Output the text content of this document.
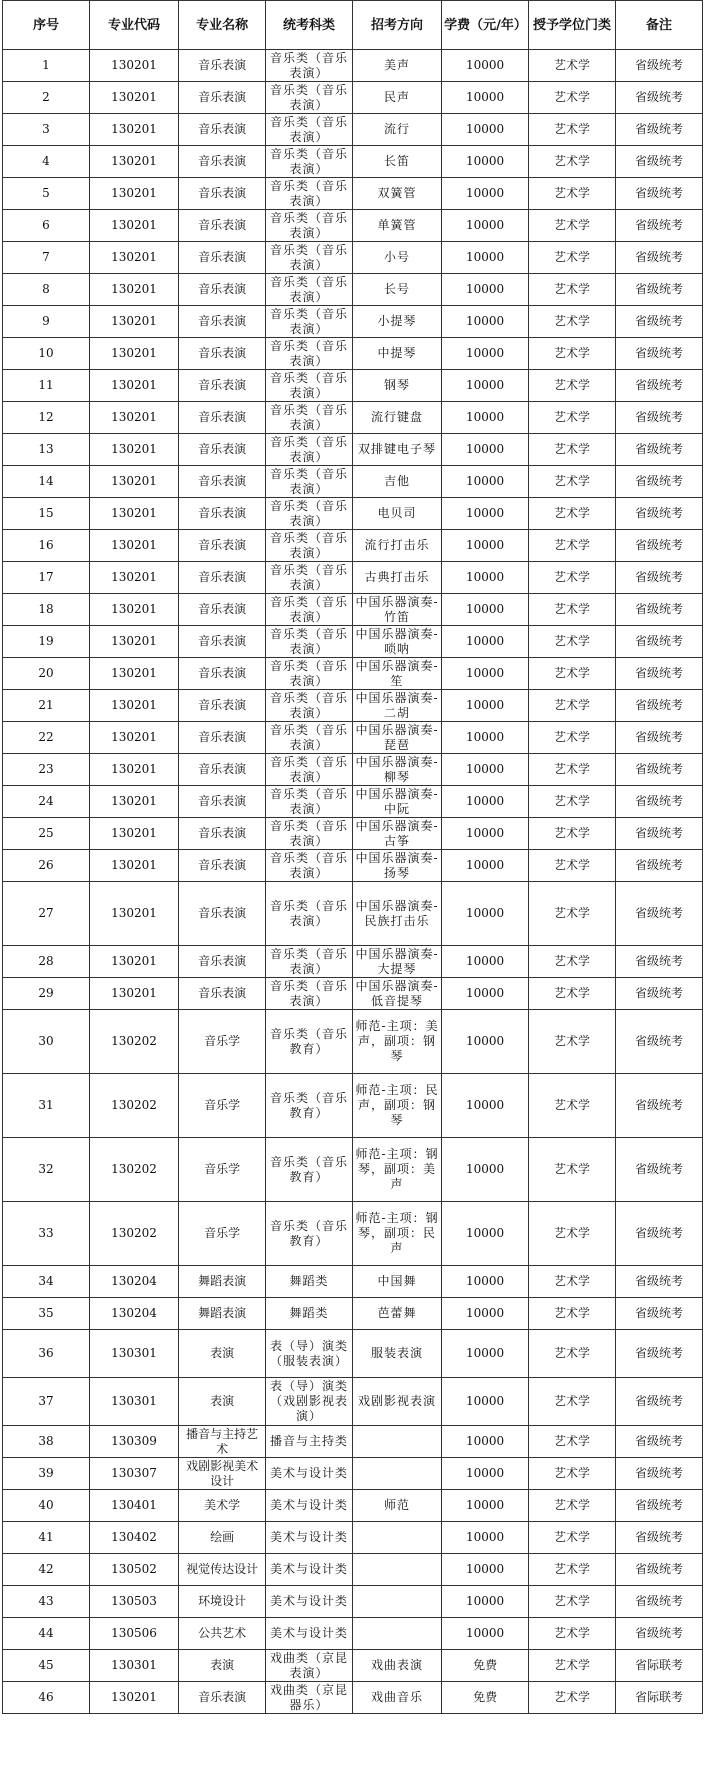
序号	专业代码	专业名称	统考科类	招考方向	学费（元/年）	授予学位门类	备注
1	130201	音乐表演	音乐类（音乐表演）	美声	10000	艺术学	省级统考
2	130201	音乐表演	音乐类（音乐表演）	民声	10000	艺术学	省级统考
3	130201	音乐表演	音乐类（音乐表演）	流行	10000	艺术学	省级统考
4	130201	音乐表演	音乐类（音乐表演）	长笛	10000	艺术学	省级统考
5	130201	音乐表演	音乐类（音乐表演）	双簧管	10000	艺术学	省级统考
6	130201	音乐表演	音乐类（音乐表演）	单簧管	10000	艺术学	省级统考
7	130201	音乐表演	音乐类（音乐表演）	小号	10000	艺术学	省级统考
8	130201	音乐表演	音乐类（音乐表演）	长号	10000	艺术学	省级统考
9	130201	音乐表演	音乐类（音乐表演）	小提琴	10000	艺术学	省级统考
10	130201	音乐表演	音乐类（音乐表演）	中提琴	10000	艺术学	省级统考
11	130201	音乐表演	音乐类（音乐表演）	钢琴	10000	艺术学	省级统考
12	130201	音乐表演	音乐类（音乐表演）	流行键盘	10000	艺术学	省级统考
13	130201	音乐表演	音乐类（音乐表演）	双排键电子琴	10000	艺术学	省级统考
14	130201	音乐表演	音乐类（音乐表演）	吉他	10000	艺术学	省级统考
15	130201	音乐表演	音乐类（音乐表演）	电贝司	10000	艺术学	省级统考
16	130201	音乐表演	音乐类（音乐表演）	流行打击乐	10000	艺术学	省级统考
17	130201	音乐表演	音乐类（音乐表演）	古典打击乐	10000	艺术学	省级统考
18	130201	音乐表演	音乐类（音乐表演）	中国乐器演奏-竹笛	10000	艺术学	省级统考
19	130201	音乐表演	音乐类（音乐表演）	中国乐器演奏-唢呐	10000	艺术学	省级统考
20	130201	音乐表演	音乐类（音乐表演）	中国乐器演奏-笙	10000	艺术学	省级统考
21	130201	音乐表演	音乐类（音乐表演）	中国乐器演奏-二胡	10000	艺术学	省级统考
22	130201	音乐表演	音乐类（音乐表演）	中国乐器演奏-琵琶	10000	艺术学	省级统考
23	130201	音乐表演	音乐类（音乐表演）	中国乐器演奏-柳琴	10000	艺术学	省级统考
24	130201	音乐表演	音乐类（音乐表演）	中国乐器演奏-中阮	10000	艺术学	省级统考
25	130201	音乐表演	音乐类（音乐表演）	中国乐器演奏-古筝	10000	艺术学	省级统考
26	130201	音乐表演	音乐类（音乐表演）	中国乐器演奏-扬琴	10000	艺术学	省级统考
27	130201	音乐表演	音乐类（音乐表演）	中国乐器演奏-民族打击乐	10000	艺术学	省级统考
28	130201	音乐表演	音乐类（音乐表演）	中国乐器演奏-大提琴	10000	艺术学	省级统考
29	130201	音乐表演	音乐类（音乐表演）	中国乐器演奏-低音提琴	10000	艺术学	省级统考
30	130202	音乐学	音乐类（音乐教育）	师范-主项：美声，副项：钢琴	10000	艺术学	省级统考
31	130202	音乐学	音乐类（音乐教育）	师范-主项：民声，副项：钢琴	10000	艺术学	省级统考
32	130202	音乐学	音乐类（音乐教育）	师范-主项：钢琴，副项：美声	10000	艺术学	省级统考
33	130202	音乐学	音乐类（音乐教育）	师范-主项：钢琴，副项：民声	10000	艺术学	省级统考
34	130204	舞蹈表演	舞蹈类	中国舞	10000	艺术学	省级统考
35	130204	舞蹈表演	舞蹈类	芭蕾舞	10000	艺术学	省级统考
36	130301	表演	表（导）演类（服装表演）	服装表演	10000	艺术学	省级统考
37	130301	表演	表（导）演类（戏剧影视表演）	戏剧影视表演	10000	艺术学	省级统考
38	130309	播音与主持艺术	播音与主持类		10000	艺术学	省级统考
39	130307	戏剧影视美术设计	美术与设计类		10000	艺术学	省级统考
40	130401	美术学	美术与设计类	师范	10000	艺术学	省级统考
41	130402	绘画	美术与设计类		10000	艺术学	省级统考
42	130502	视觉传达设计	美术与设计类		10000	艺术学	省级统考
43	130503	环境设计	美术与设计类		10000	艺术学	省级统考
44	130506	公共艺术	美术与设计类		10000	艺术学	省级统考
45	130301	表演	戏曲类（京昆表演）	戏曲表演	免费	艺术学	省际联考
46	130201	音乐表演	戏曲类（京昆器乐）	戏曲音乐	免费	艺术学	省际联考
